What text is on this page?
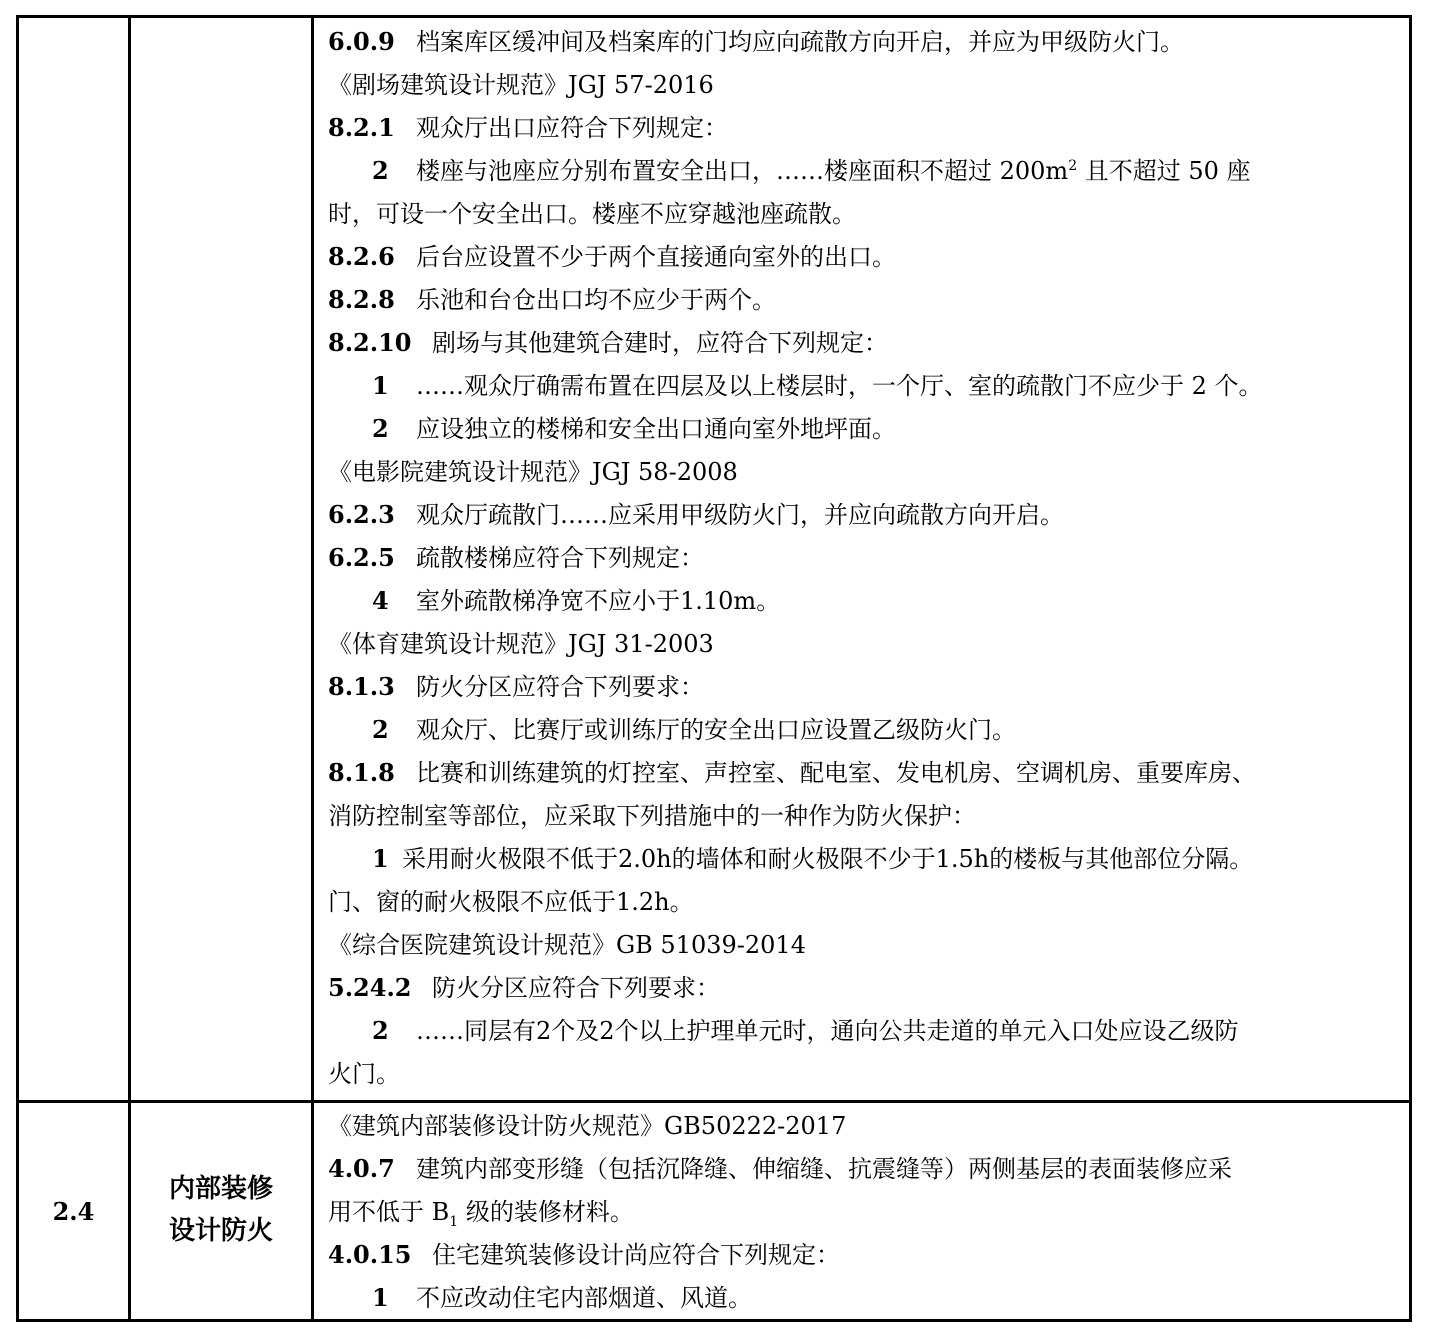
6.0.9 档案库区缓冲间及档案库的门均应向疏散方向开启，并应为甲级防火门。
《剧场建筑设计规范》JGJ 57-2016
8.2.1 观众厅出口应符合下列规定：
2 楼座与池座应分别布置安全出口，……楼座面积不超过 $200m^2$ 且不超过 50 座
时，可设一个安全出口。楼座不应穿越池座疏散。
8.2.6 后台应设置不少于两个直接通向室外的出口。
8.2.8 乐池和台仓出口均不应少于两个。
8.2.10 剧场与其他建筑合建时，应符合下列规定：
1 ……观众厅确需布置在四层及以上楼层时，一个厅、室的疏散门不应少于 2 个。
2 应设独立的楼梯和安全出口通向室外地坪面。
《电影院建筑设计规范》JGJ 58-2008
6.2.3 观众厅疏散门……应采用甲级防火门，并应向疏散方向开启。
6.2.5 疏散楼梯应符合下列规定：
4 室外疏散梯净宽不应小于1.10m。
《体育建筑设计规范》JGJ 31-2003
8.1.3 防火分区应符合下列要求：
2 观众厅、比赛厅或训练厅的安全出口应设置乙级防火门。
8.1.8 比赛和训练建筑的灯控室、声控室、配电室、发电机房、空调机房、重要库房、
消防控制室等部位，应采取下列措施中的一种作为防火保护：
1 采用耐火极限不低于2.0h的墙体和耐火极限不少于1.5h的楼板与其他部位分隔。
门、窗的耐火极限不应低于1.2h。
《综合医院建筑设计规范》GB 51039-2014
5.24.2 防火分区应符合下列要求：
2 ……同层有2个及2个以上护理单元时，通向公共走道的单元入口处应设乙级防
火门。
2.4
内部装修
设计防火
《建筑内部装修设计防火规范》GB50222-2017
4.0.7 建筑内部变形缝（包括沉降缝、伸缩缝、抗震缝等）两侧基层的表面装修应采
用不低于 $B_1$ 级的装修材料。
4.0.15 住宅建筑装修设计尚应符合下列规定：
1 不应改动住宅内部烟道、风道。
